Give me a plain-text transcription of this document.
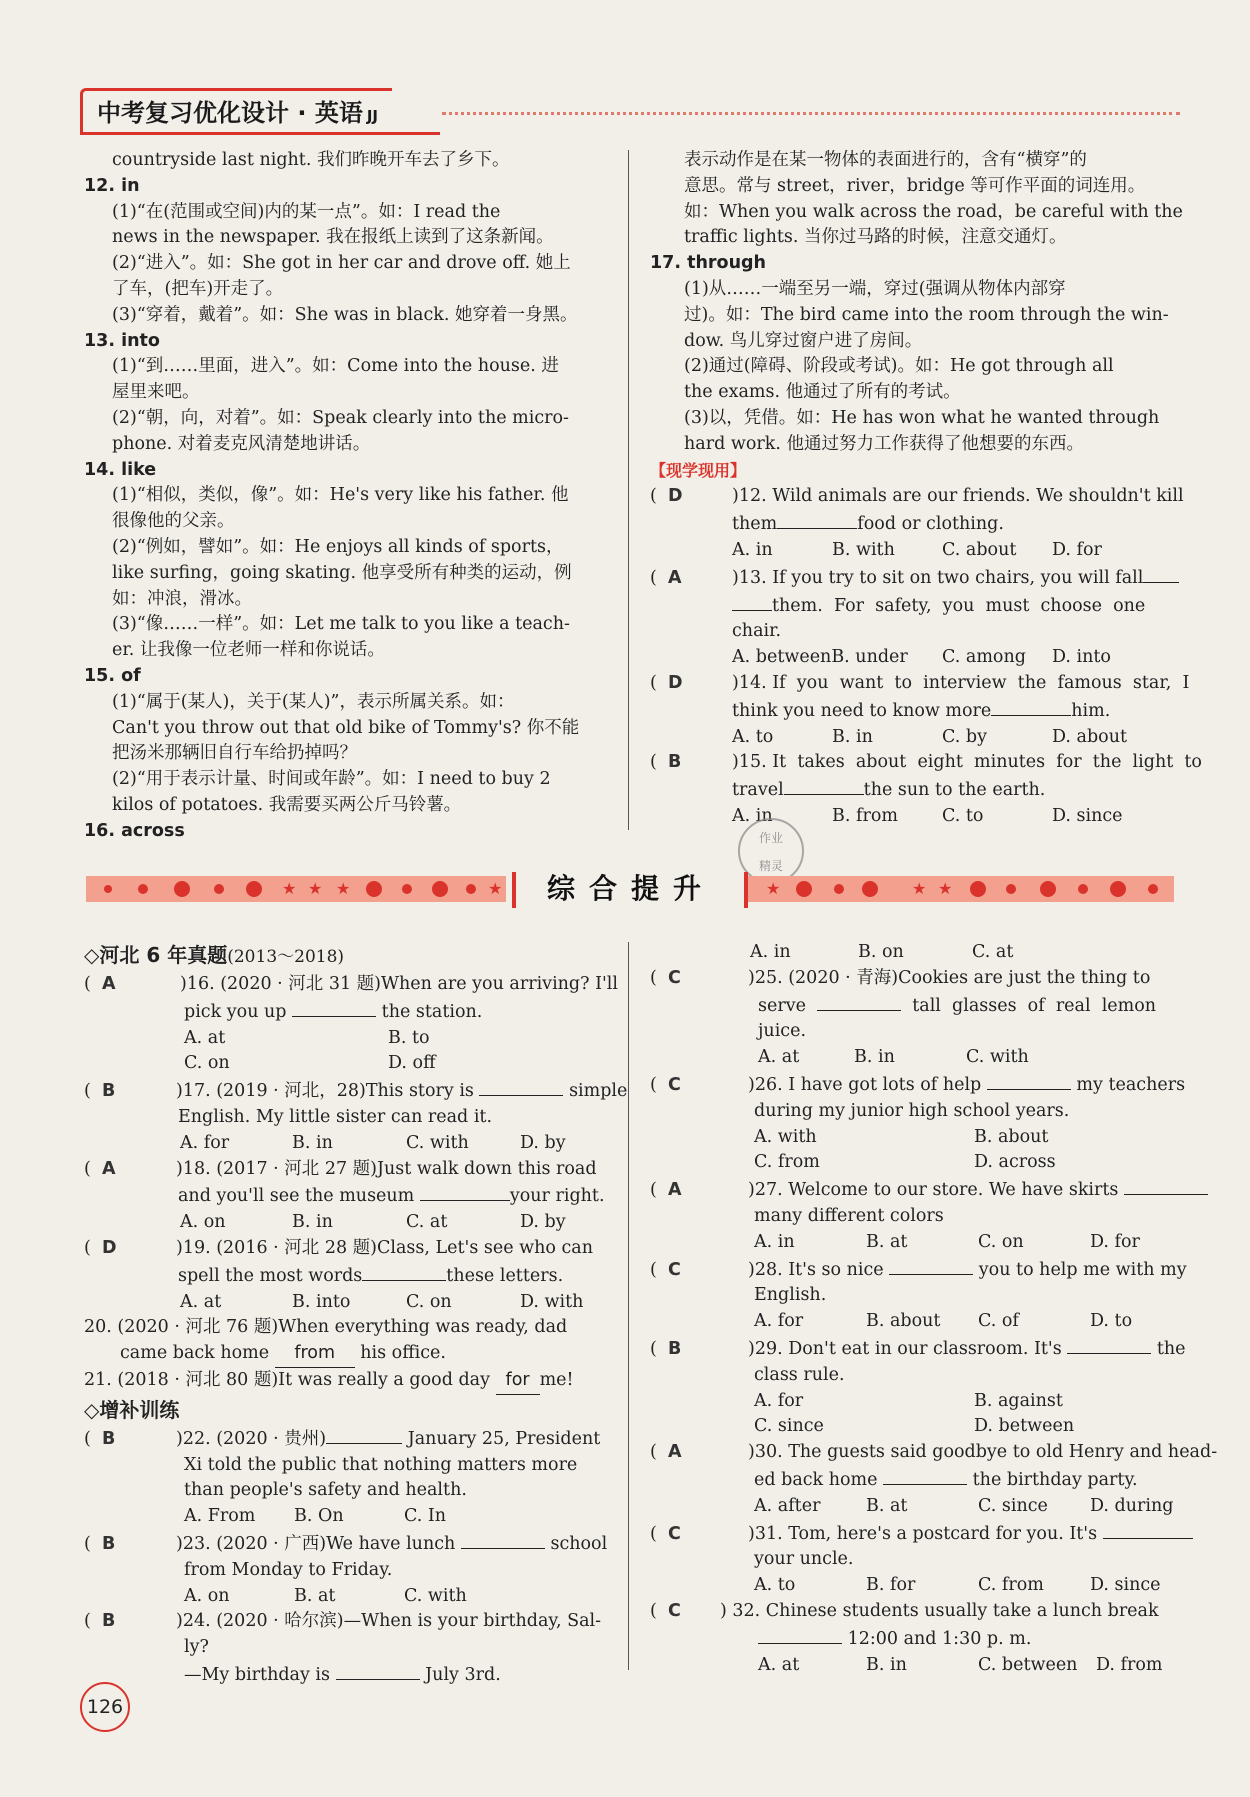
中考复习优化设计 · 英语 JJ
countryside last night. 我们昨晚开车去了乡下。
12. in
(1)“在(范围或空间)内的某一点”。如：I read the
news in the newspaper. 我在报纸上读到了这条新闻。
(2)“进入”。如：She got in her car and drove off. 她上
了车，(把车)开走了。
(3)“穿着，戴着”。如：She was in black. 她穿着一身黑。
13. into
(1)“到……里面，进入”。如：Come into the house. 进
屋里来吧。
(2)“朝，向，对着”。如：Speak clearly into the micro-
phone. 对着麦克风清楚地讲话。
14. like
(1)“相似，类似，像”。如：He's very like his father. 他
很像他的父亲。
(2)“例如，譬如”。如：He enjoys all kinds of sports，
like surfing，going skating. 他享受所有种类的运动，例
如：冲浪，滑冰。
(3)“像……一样”。如：Let me talk to you like a teach-
er. 让我像一位老师一样和你说话。
15. of
(1)“属于(某人)，关于(某人)”，表示所属关系。如：
Can't you throw out that old bike of Tommy's? 你不能
把汤米那辆旧自行车给扔掉吗？
(2)“用于表示计量、时间或年龄”。如：I need to buy 2
kilos of potatoes. 我需要买两公斤马铃薯。
16. across
表示动作是在某一物体的表面进行的，含有“横穿”的
意思。常与 street，river，bridge 等可作平面的词连用。
如：When you walk across the road，be careful with the
traffic lights. 当你过马路的时候，注意交通灯。
17. through
(1)从……一端至另一端，穿过(强调从物体内部穿
过)。如：The bird came into the room through the win-
dow. 鸟儿穿过窗户进了房间。
(2)通过(障碍、阶段或考试)。如：He got through all
the exams. 他通过了所有的考试。
(3)以，凭借。如：He has won what he wanted through
hard work. 他通过努力工作获得了他想要的东西。
【现学现用】
(  D	)12. Wild animals are our friends. We shouldn't kill
them	food or clothing.
A. in	B. with	C. about	D. for
(  A	)13. If you try to sit on two chairs, you will fall
them.  For  safety,  you  must  choose  one
chair.
A. betweenB. under	C. among	D. into
(  D	)14. If  you  want  to  interview  the  famous  star,  I
think you need to know more	him.
A. to	B. in	C. by	D. about
(  B	)15. It  takes  about  eight  minutes  for  the  light  to
travel	the sun to the earth.
A. in	B. from	C. to	D. since
作业
精灵
★ ★ ★	★	综合提升	★	★ ★
◇河北 6 年真题(2013～2018)
(  A	)16. (2020 · 河北 31 题)When are you arriving? I'll
pick you up	the station.
A. at	B. to
C. on	D. off
(  B	)17. (2019 · 河北，28)This story is	simple
English. My little sister can read it.
A. for	B. in	C. with	D. by
(  A	)18. (2017 · 河北 27 题)Just walk down this road
and you'll see the museum	your right.
A. on	B. in	C. at	D. by
(  D	)19. (2016 · 河北 28 题)Class, Let's see who can
spell the most words	these letters.
A. at	B. into	C. on	D. with
20. (2020 · 河北 76 题)When everything was ready, dad
came back home from his office.
21. (2018 · 河北 80 题)It was really a good day for me!
◇增补训练
(  B	)22. (2020 · 贵州)	January 25, President
Xi told the public that nothing matters more
than people's safety and health.
A. From	B. On	C. In
(  B	)23. (2020 · 广西)We have lunch	school
from Monday to Friday.
A. on	B. at	C. with
(  B	)24. (2020 · 哈尔滨)—When is your birthday, Sal-
ly?
—My birthday is	July 3rd.
A. in	B. on	C. at
(  C	)25. (2020 · 青海)Cookies are just the thing to
serve	tall  glasses  of  real  lemon
juice.
A. at	B. in	C. with
(  C	)26. I have got lots of help	my teachers
during my junior high school years.
A. with	B. about
C. from	D. across
(  A	)27. Welcome to our store. We have skirts
many different colors
A. in	B. at	C. on	D. for
(  C	)28. It's so nice	you to help me with my
English.
A. for	B. about	C. of	D. to
(  B	)29. Don't eat in our classroom. It's	the
class rule.
A. for	B. against
C. since	D. between
(  A	)30. The guests said goodbye to old Henry and head-
ed back home	the birthday party.
A. after	B. at	C. since	D. during
(  C	)31. Tom, here's a postcard for you. It's
your uncle.
A. to	B. for	C. from	D. since
(  C ) 32. Chinese students usually take a lunch break
12:00 and 1:30 p. m.
A. at	B. in	C. between	D. from
126
